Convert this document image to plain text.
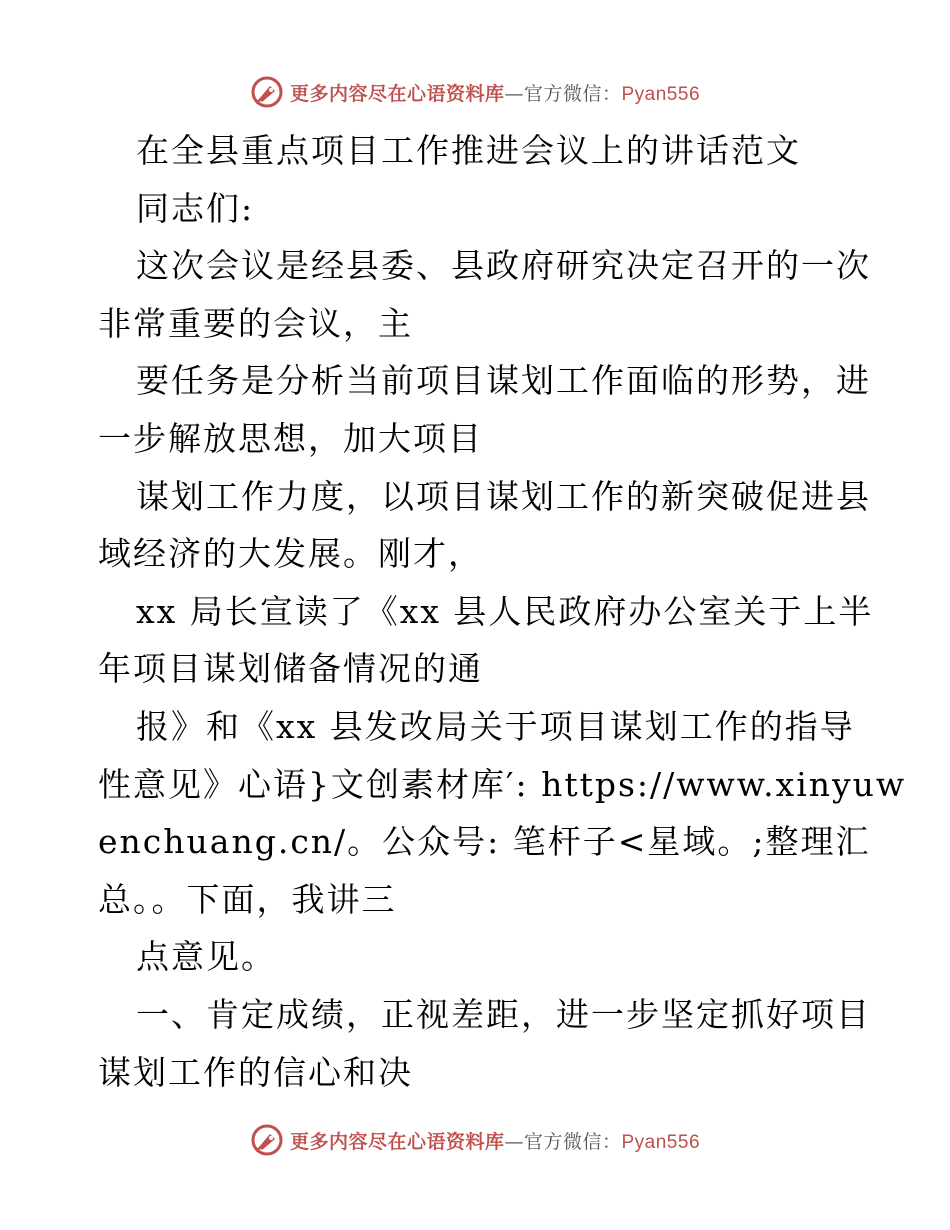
更多内容尽在心语资料库—官方微信：Pyan556
在全县重点项目工作推进会议上的讲话范文
同志们:
这次会议是经县委、县政府研究决定召开的一次
非常重要的会议，主
要任务是分析当前项目谋划工作面临的形势，进
一步解放思想，加大项目
谋划工作力度，以项目谋划工作的新突破促进县
域经济的大发展。刚才，
xx 局长宣读了《xx 县人民政府办公室关于上半
年项目谋划储备情况的通
报》和《xx 县发改局关于项目谋划工作的指导
性意见》心语}文创素材库′: https://www.xinyuw
enchuang.cn/。公众号: 笔杆子<星域。;整理汇
总。。下面，我讲三
点意见。
一、肯定成绩，正视差距，进一步坚定抓好项目
谋划工作的信心和决
更多内容尽在心语资料库—官方微信：Pyan556
